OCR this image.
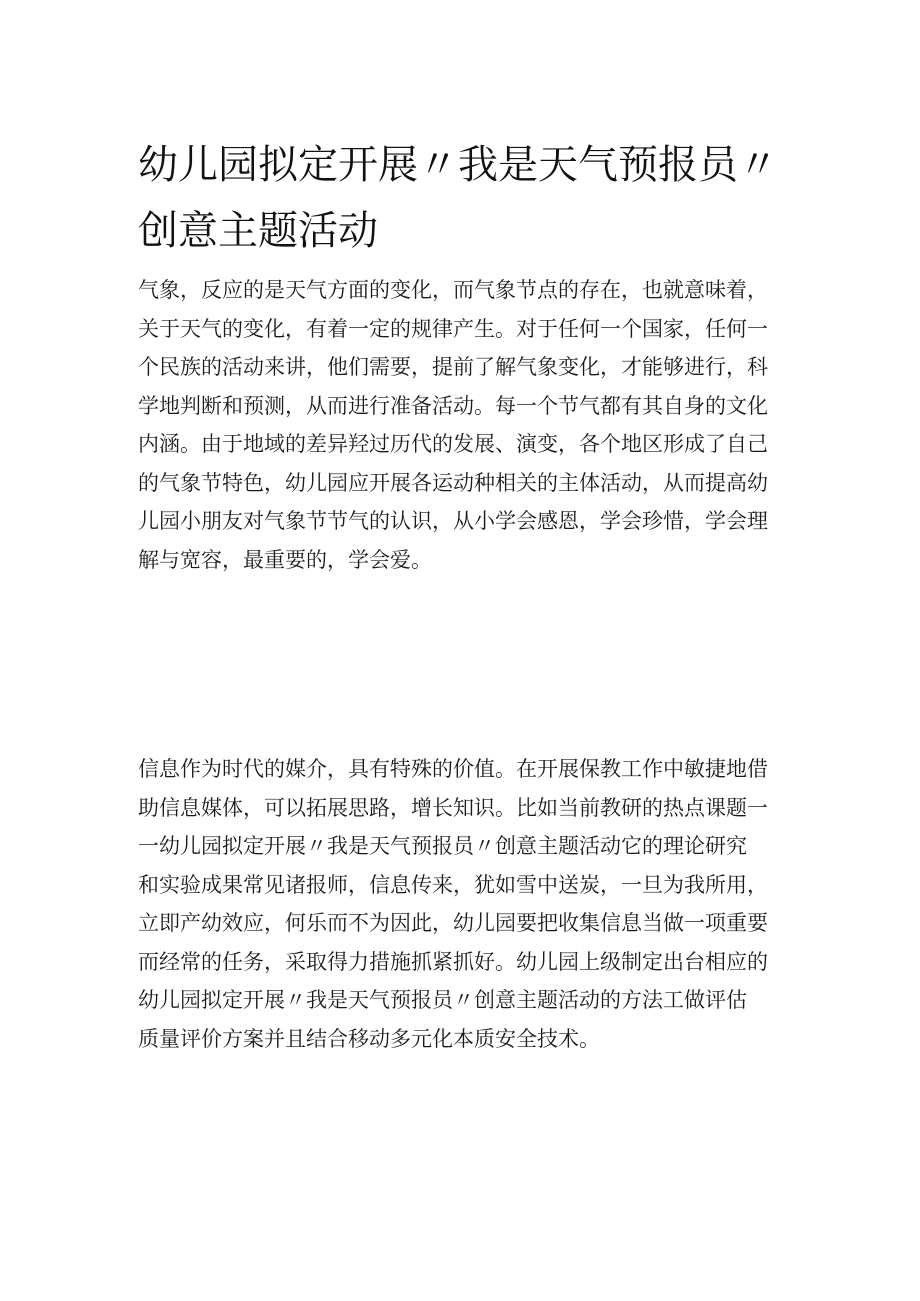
幼儿园拟定开展〃我是天气预报员〃
创意主题活动

气象，反应的是天气方面的变化，而气象节点的存在，也就意味着，
关于天气的变化，有着一定的规律产生。对于任何一个国家，任何一
个民族的活动来讲，他们需要，提前了解气象变化，才能够进行，科
学地判断和预测，从而进行准备活动。每一个节气都有其自身的文化
内涵。由于地域的差异羟过历代的发展、演变，各个地区形成了自己
的气象节特色，幼儿园应开展各运动种相关的主体活动，从而提高幼
儿园小朋友对气象节节气的认识，从小学会感恩，学会珍惜，学会理
解与宽容，最重要的，学会爱。

信息作为时代的媒介，具有特殊的价值。在开展保教工作中敏捷地借
助信息媒体，可以拓展思路，增长知识。比如当前教研的热点课题一
一幼儿园拟定开展〃我是天气预报员〃创意主题活动它的理论研究
和实验成果常见诸报师，信息传来，犹如雪中送炭，一旦为我所用，
立即产幼效应，何乐而不为因此，幼儿园要把收集信息当做一项重要
而经常的任务，采取得力措施抓紧抓好。幼儿园上级制定出台相应的
幼儿园拟定开展〃我是天气预报员〃创意主题活动的方法工做评估
质量评价方案并且结合移动多元化本质安全技术。
